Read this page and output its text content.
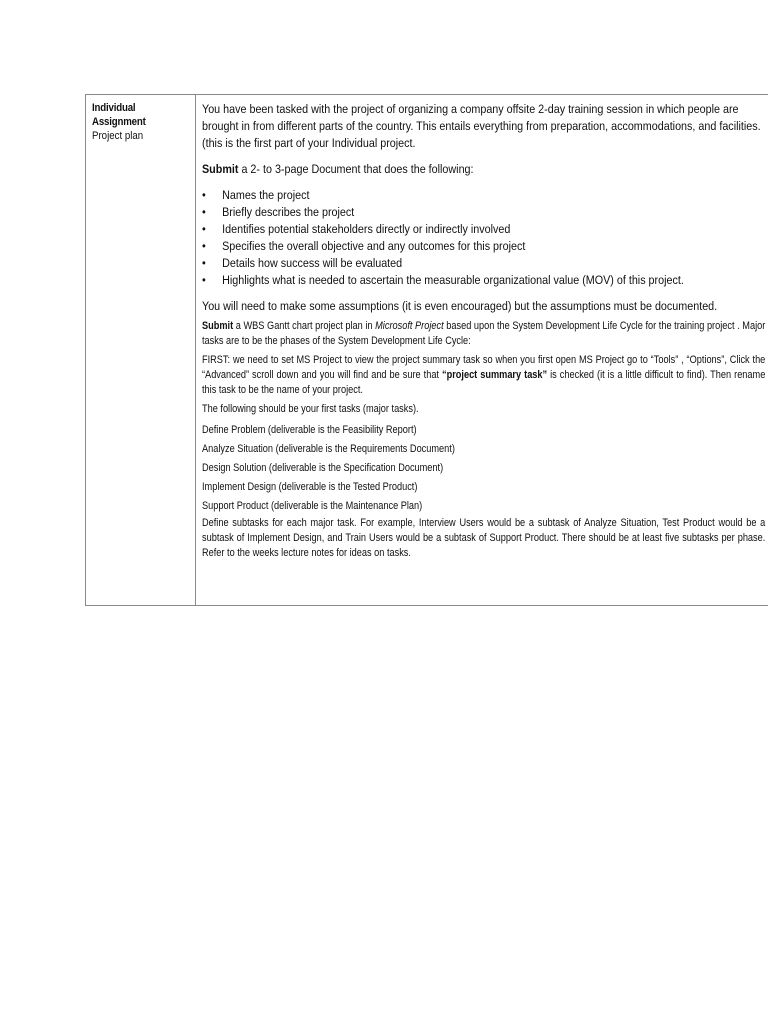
Individual
Assignment
Project plan

You have been tasked with the project of organizing a company offsite 2-day training session in which people are brought in from different parts of the country. This entails everything from preparation, accommodations, and facilities. (this is the first part of your Individual project.

Submit a 2- to 3-page Document that does the following:

•	Names the project
•	Briefly describes the project
•	Identifies potential stakeholders directly or indirectly involved
•	Specifies the overall objective and any outcomes for this project
•	Details how success will be evaluated
•	Highlights what is needed to ascertain the measurable organizational value (MOV) of this project.

You will need to make some assumptions (it is even encouraged) but the assumptions must be documented.

Submit a WBS Gantt chart project plan in Microsoft Project based upon the System Development Life Cycle for the training project . Major tasks are to be the phases of the System Development Life Cycle:

FIRST: we need to set MS Project to view the project summary task so when you first open MS Project go to “Tools” , “Options”, Click the “Advanced” scroll down and you will find and be sure that “project summary task” is checked (it is a little difficult to find). Then rename this task to be the name of your project.

The following should be your first tasks (major tasks).

Define Problem (deliverable is the Feasibility Report)

Analyze Situation (deliverable is the Requirements Document)

Design Solution (deliverable is the Specification Document)

Implement Design (deliverable is the Tested Product)

Support Product (deliverable is the Maintenance Plan)

Define subtasks for each major task. For example, Interview Users would be a subtask of Analyze Situation, Test Product would be a subtask of Implement Design, and Train Users would be a subtask of Support Product. There should be at least five subtasks per phase. Refer to the weeks lecture notes for ideas on tasks.
